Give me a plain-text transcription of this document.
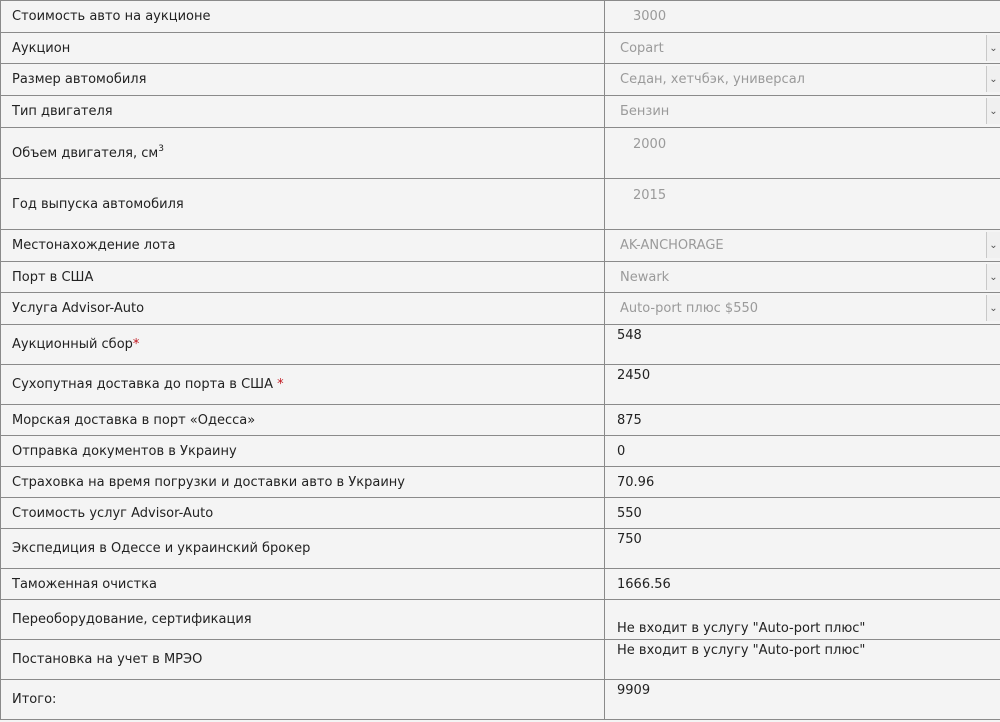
Стоимость авто на аукционе	3000

Аукцион	Copart ⌄

Размер автомобиля	Седан, хетчбэк, универсал ⌄

Тип двигателя	Бензин ⌄

Объем двигателя, $см^3$	2000

Год выпуска автомобиля	2015

Местонахождение лота	AK-ANCHORAGE ⌄

Порт в США	Newark ⌄

Услуга Advisor-Auto	Auto-port плюс $550 ⌄

Аукционный сбор*	548

Сухопутная доставка до порта в США *	2450

Морская доставка в порт «Одесса»	875

Отправка документов в Украину	0

Страховка на время погрузки и доставки авто в Украину	70.96

Стоимость услуг Advisor-Auto	550

Экспедиция в Одессе и украинский брокер	750

Таможенная очистка	1666.56

Переоборудование, сертификация	Не входит в услугу "Auto-port плюс"

Постановка на учет в МРЭО	Не входит в услугу "Auto-port плюс"

Итого:	9909
